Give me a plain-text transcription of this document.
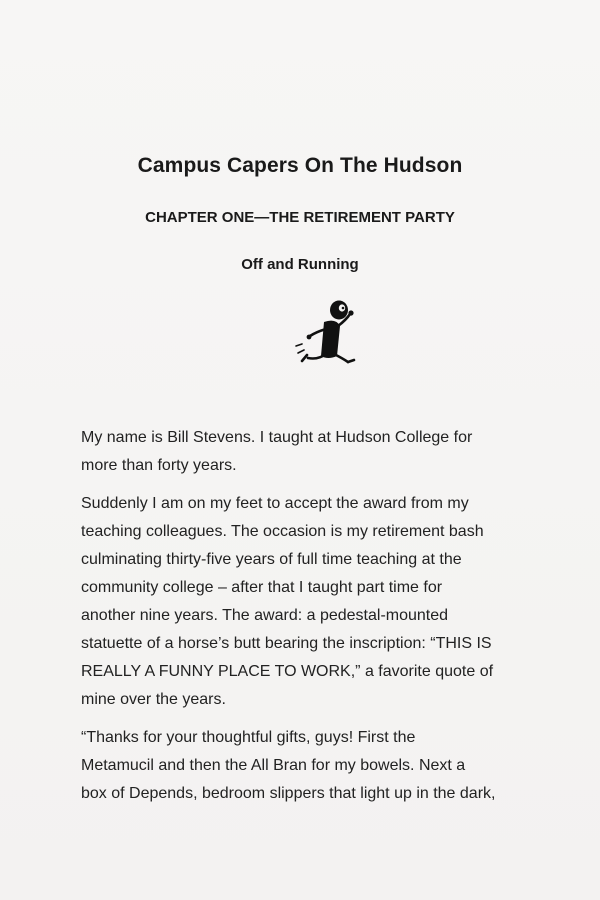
Campus Capers On The Hudson
CHAPTER ONE—THE RETIREMENT PARTY
Off and Running

My name is Bill Stevens. I taught at Hudson College for
more than forty years.

Suddenly I am on my feet to accept the award from my
teaching colleagues. The occasion is my retirement bash
culminating thirty-five years of full time teaching at the
community college – after that I taught part time for
another nine years. The award: a pedestal-mounted
statuette of a horse’s butt bearing the inscription: “THIS IS
REALLY A FUNNY PLACE TO WORK,” a favorite quote of
mine over the years.

“Thanks for your thoughtful gifts, guys! First the
Metamucil and then the All Bran for my bowels. Next a
box of Depends, bedroom slippers that light up in the dark,
